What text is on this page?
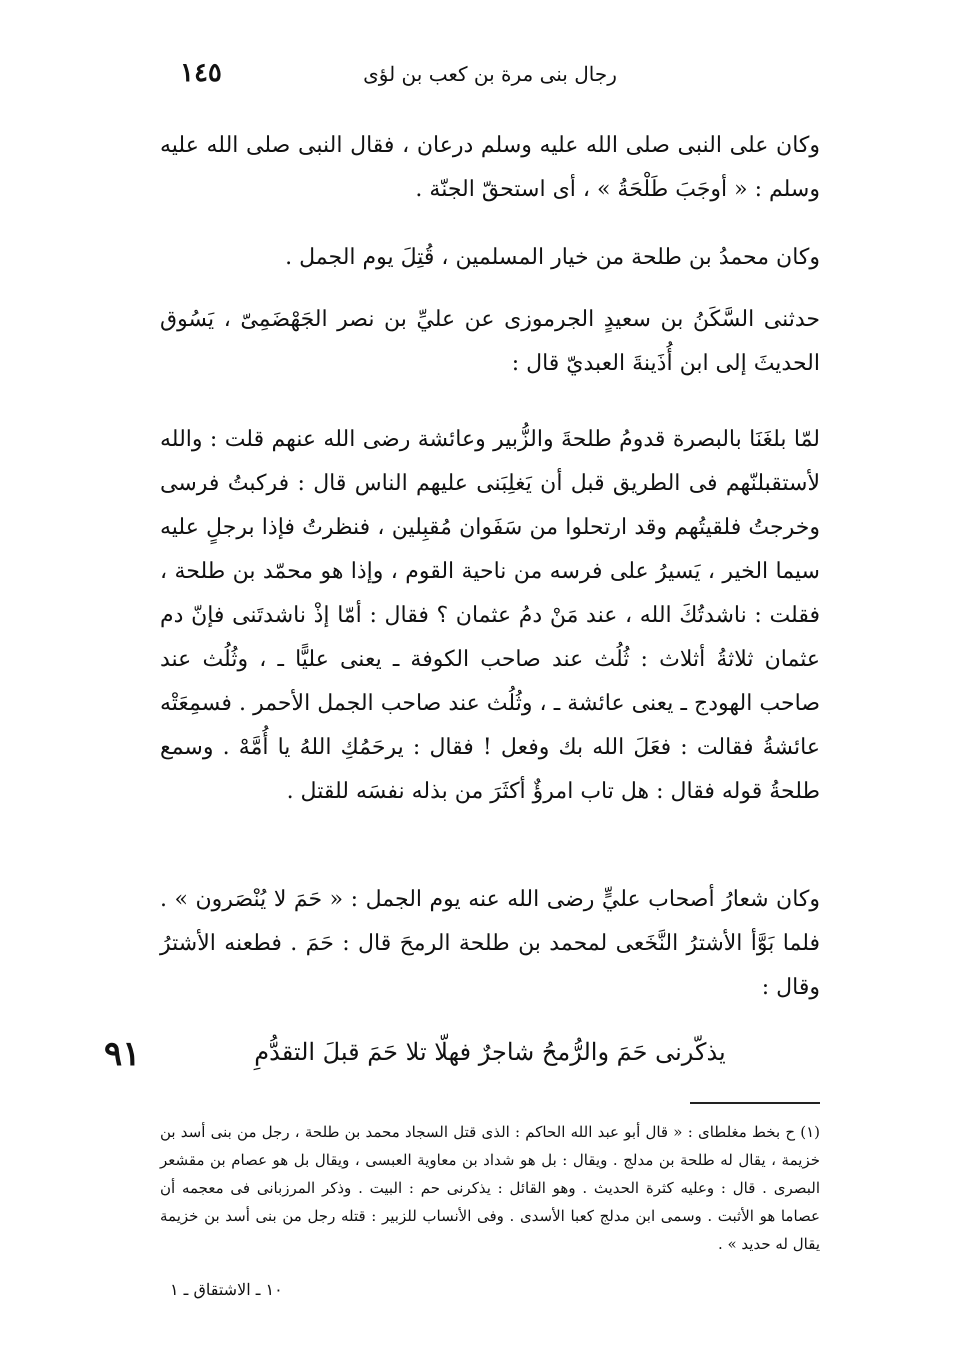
١٤٥	رجال بنى مرة بن كعب بن لؤى
وكان على النبى صلى الله عليه وسلم درعان ، فقال النبى صلى الله عليه وسلم : « أوجَبَ طَلْحَةُ » ، أى استحقّ الجنّة .
وكان محمدُ بن طلحة من خيار المسلمين ، قُتِلَ يوم الجمل .
حدثنى السَّكَنُ بن سعيدٍ الجرموزى عن عليِّ بن نصر الجَهْضَمِىّ ، يَسُوق الحديثَ إلى ابن أُذَينةَ العبديّ قال :
لمّا بلغَنَا بالبصرة قدومُ طلحةَ والزُّبير وعائشة رضى الله عنهم قلت : والله لأستقبلنّهم فى الطريق قبل أن يَغلِبَنى عليهم الناس قال : فركبتُ فرسى وخرجتُ فلقيتُهم وقد ارتحلوا من سَفَوان مُقبِلين ، فنظرتُ فإذا برجلٍ عليه سيما الخير ، يَسيرُ على فرسه من ناحية القوم ، وإذا هو محمّد بن طلحة ، فقلت : ناشدتُكَ الله ، عند مَنْ دمُ عثمان ؟ فقال : أمّا إذْ ناشدتَنى فإنّ دم عثمان ثلاثةُ أثلاث : ثُلُث عند صاحب الكوفة ـ يعنى عليًّا ـ ، وثُلُث عند صاحب الهودج ـ يعنى عائشة ـ ، وثُلُث عند صاحب الجمل الأحمر . فسمِعَتْه عائشةُ فقالت : فعَلَ الله بك وفعل ! فقال : يرحَمُكِ اللهُ يا أُمَّهْ . وسمع طلحةُ قوله فقال : هل تاب امرؤٌ أكثَرَ من بذله نفسَه للقتل .
وكان شعارُ أصحاب عليٍّ رضى الله عنه يوم الجمل : « حَمَ لا يُنْصَرون » . فلما بَوَّأ الأشترُ النَّخَعى لمحمد بن طلحة الرمحَ قال : حَمَ . فطعنه الأشترُ وقال :
يذكّرنى حَمَ والرُّمحُ شاجرٌ فهلّا تلا حَمَ قبلَ التقدُّمِ
٩١
(١) ح بخط مغلطاى : « قال أبو عبد الله الحاكم : الذى قتل السجاد محمد بن طلحة ، رجل من بنى أسد بن خزيمة ، يقال له طلحة بن مدلج . ويقال : بل هو شداد بن معاوية العبسى ، ويقال بل هو عصام بن مقشعر البصرى . قال : وعليه كثرة الحديث . وهو القائل : يذكرنى حم : البيت . وذكر المرزبانى فى معجمه أن عصاما هو الأثبت . وسمى ابن مدلج كعبا الأسدى . وفى الأنساب للزبير : قتله رجل من بنى أسد بن خزيمة يقال له حديد » .
١٠ ـ الاشتقاق ـ ١
